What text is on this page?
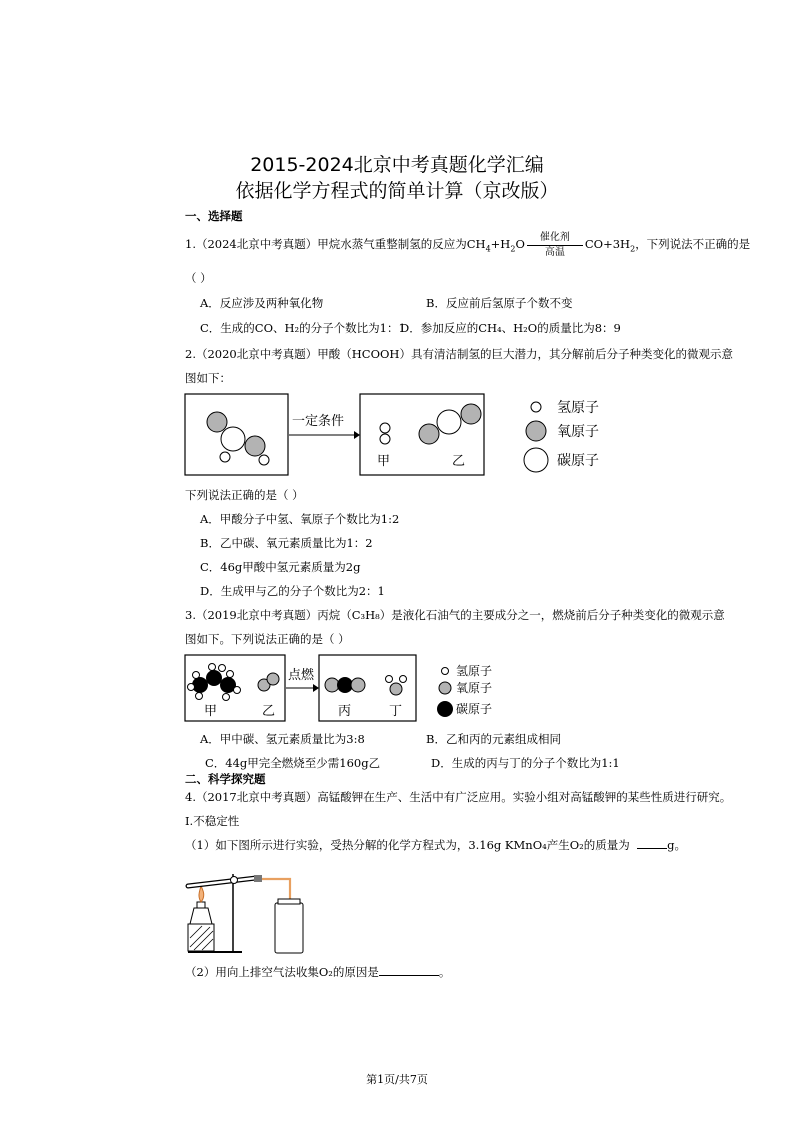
2015-2024北京中考真题化学汇编
依据化学方程式的简单计算（京改版）
一、选择题
1.（2024北京中考真题）甲烷水蒸气重整制氢的反应为$CH_4+H_2O \frac{\text{催化剂}}{\text{高温}} CO+3H_2$，下列说法不正确的是
（ ）
A．反应涉及两种氧化物	B．反应前后氢原子个数不变
C．生成的CO、H₂的分子个数比为1：1
D．参加反应的CH₄、H₂O的质量比为8：9
2.（2020北京中考真题）甲酸（HCOOH）具有清洁制氢的巨大潜力，其分解前后分子种类变化的微观示意
图如下：
一定条件
甲	乙
氢原子
氧原子
碳原子
下列说法正确的是（ ）
A．甲酸分子中氢、氧原子个数比为1:2
B．乙中碳、氧元素质量比为1：2
C．46g甲酸中氢元素质量为2g
D．生成甲与乙的分子个数比为2：1
3.（2019北京中考真题）丙烷（C₃H₈）是液化石油气的主要成分之一，燃烧前后分子种类变化的微观示意
图如下。下列说法正确的是（ ）
甲	乙
点燃
丙	丁
氢原子
氧原子
碳原子
A．甲中碳、氢元素质量比为3:8	B．乙和丙的元素组成相同
C．44g甲完全燃烧至少需160g乙	D．生成的丙与丁的分子个数比为1:1
二、科学探究题
4.（2017北京中考真题）高锰酸钾在生产、生活中有广泛应用。实验小组对高锰酸钾的某些性质进行研究。
I.不稳定性
（1）如下图所示进行实验，受热分解的化学方程式为，3.16g KMnO₄产生O₂的质量为	g。
（2）用向上排空气法收集O₂的原因是	。
第1页/共7页
